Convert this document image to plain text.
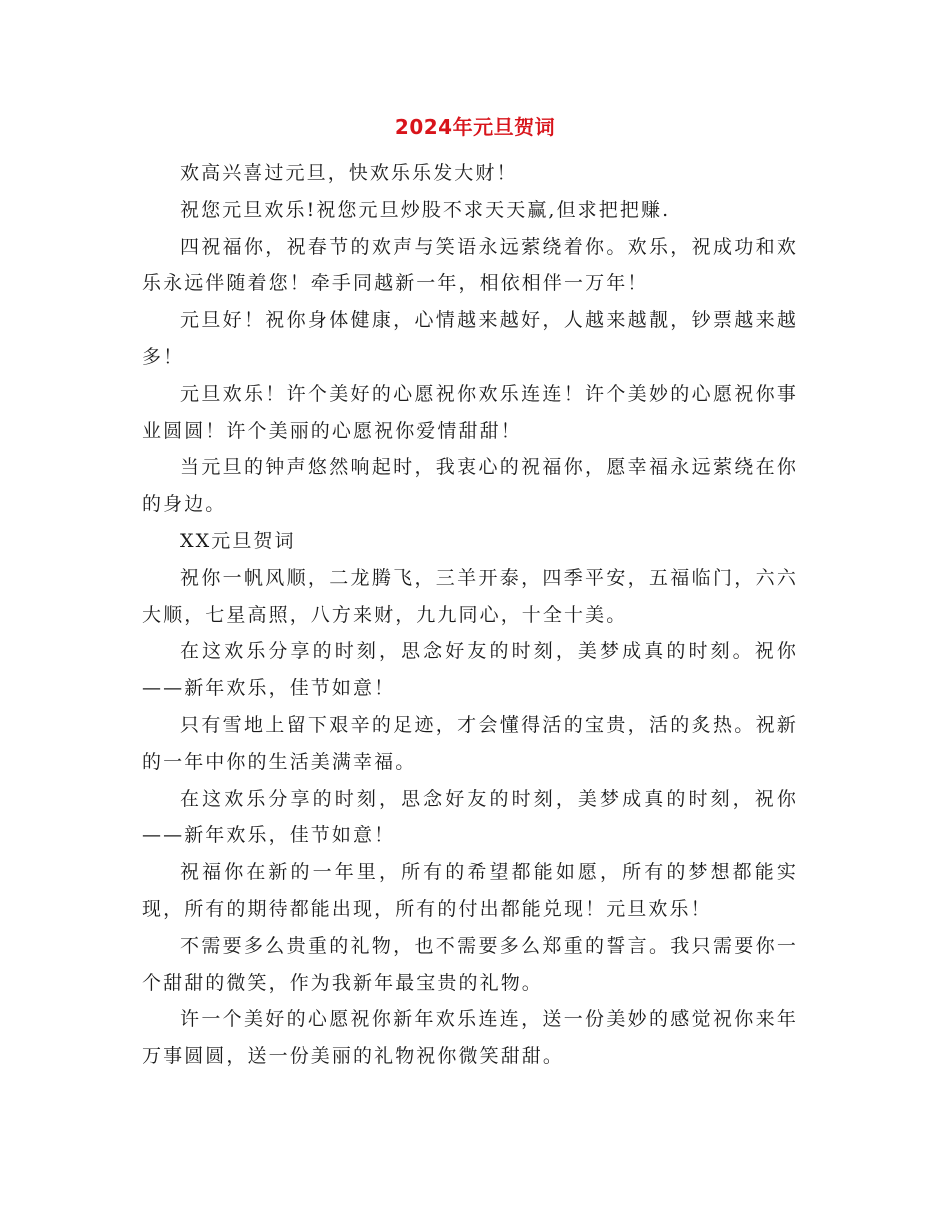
2024年元旦贺词

欢高兴喜过元旦，快欢乐乐发大财！

祝您元旦欢乐!祝您元旦炒股不求天天赢,但求把把赚.

四祝福你，祝春节的欢声与笑语永远萦绕着你。欢乐，祝成功和欢乐永远伴随着您！牵手同越新一年，相依相伴一万年！

元旦好！祝你身体健康，心情越来越好，人越来越靓，钞票越来越多！

元旦欢乐！许个美好的心愿祝你欢乐连连！许个美妙的心愿祝你事业圆圆！许个美丽的心愿祝你爱情甜甜！

当元旦的钟声悠然响起时，我衷心的祝福你，愿幸福永远萦绕在你的身边。

XX元旦贺词

祝你一帆风顺，二龙腾飞，三羊开泰，四季平安，五福临门，六六大顺，七星高照，八方来财，九九同心，十全十美。

在这欢乐分享的时刻，思念好友的时刻，美梦成真的时刻。祝你——新年欢乐，佳节如意！

只有雪地上留下艰辛的足迹，才会懂得活的宝贵，活的炙热。祝新的一年中你的生活美满幸福。

在这欢乐分享的时刻，思念好友的时刻，美梦成真的时刻，祝你——新年欢乐，佳节如意！

祝福你在新的一年里，所有的希望都能如愿，所有的梦想都能实现，所有的期待都能出现，所有的付出都能兑现！元旦欢乐！

不需要多么贵重的礼物，也不需要多么郑重的誓言。我只需要你一个甜甜的微笑，作为我新年最宝贵的礼物。

许一个美好的心愿祝你新年欢乐连连，送一份美妙的感觉祝你来年万事圆圆，送一份美丽的礼物祝你微笑甜甜。
